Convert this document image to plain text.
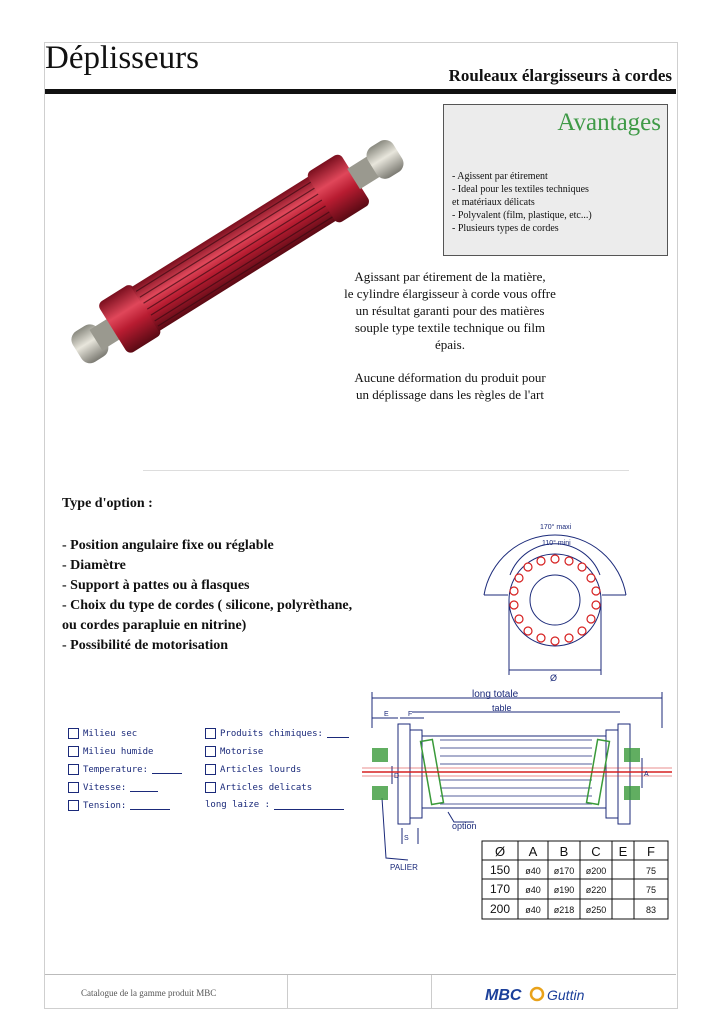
Déplisseurs	Rouleaux élargisseurs à cordes
Avantages
- Agissent par étirement
- Ideal pour les textiles techniques
et matériaux délicats
- Polyvalent (film, plastique, etc...)
- Plusieurs types de cordes

Agissant par étirement de la matière,
le cylindre élargisseur à corde vous offre
un résultat garanti pour des matières
souple type textile technique ou film
épais.

Aucune déformation du produit pour
un déplissage dans les règles de l'art

Type d'option :
- Position angulaire fixe ou réglable
- Diamètre
- Support à pattes ou à flasques
- Choix du type de cordes ( silicone, polyrèthane,
ou cordes parapluie en nitrine)
- Possibilité de motorisation
170° maxi
110° mini
Ø
Milieu sec
Milieu humide
Temperature:
Vitesse:
Tension:
Produits chimiques:
Motorise
Articles lourds
Articles delicats
long laize :
long totale
table
option
PALIER
E	F
D	A
S
Ø A B C E F
150 ø40 ø170 ø200	75
170 ø40 ø190 ø220	75
200 ø40 ø218 ø250	83
Catalogue de la gamme produit MBC	MBC Guttin
